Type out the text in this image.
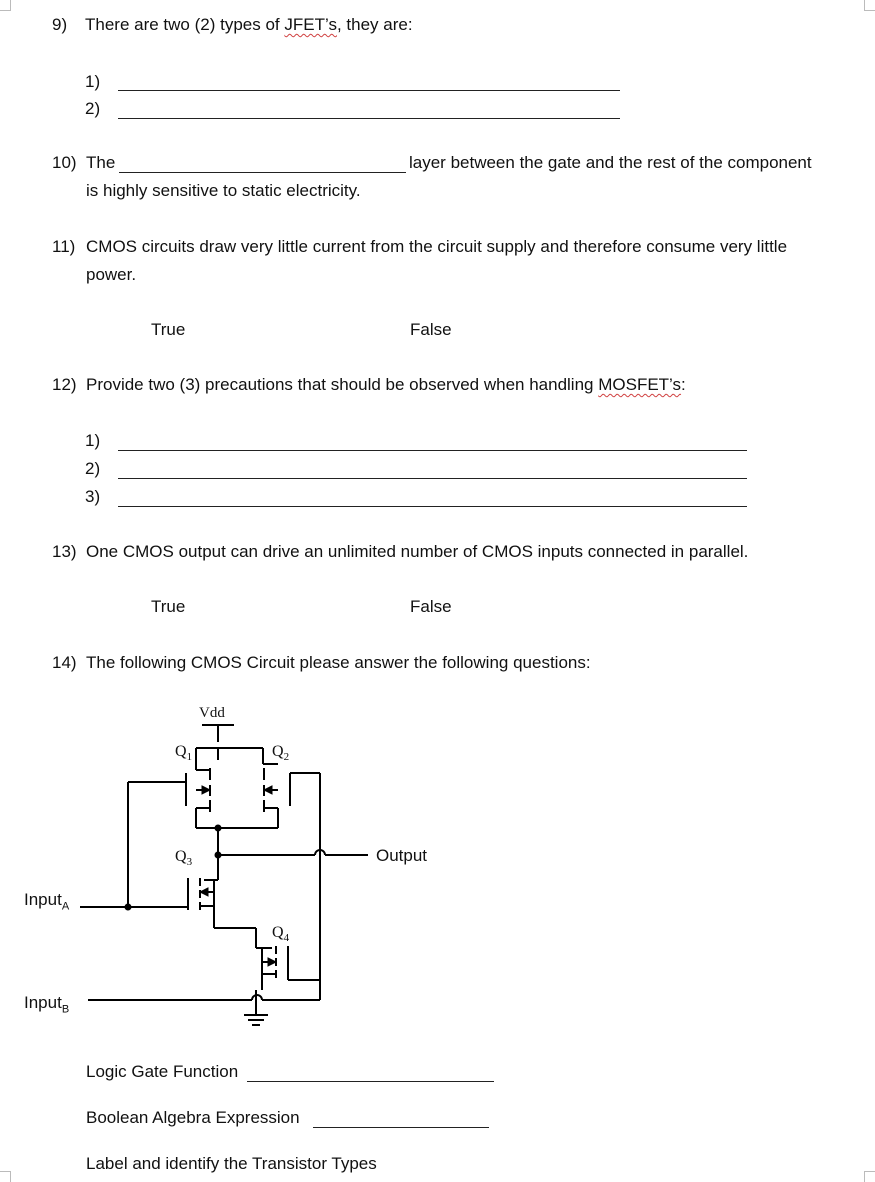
9) There are two (2) types of JFET’s, they are:
1)
2)
10) The	layer between the gate and the rest of the component
is highly sensitive to static electricity.
11) CMOS circuits draw very little current from the circuit supply and therefore consume very little
power.
True	False
12) Provide two (3) precautions that should be observed when handling MOSFET’s:
1)
2)
3)
13) One CMOS output can drive an unlimited number of CMOS inputs connected in parallel.
True	False
14) The following CMOS Circuit please answer the following questions:
Vdd
$Q_1$	$Q_2$
$Q_3$
$Q_4$
Output
Input$_A$
Input$_B$
Logic Gate Function
Boolean Algebra Expression
Label and identify the Transistor Types
